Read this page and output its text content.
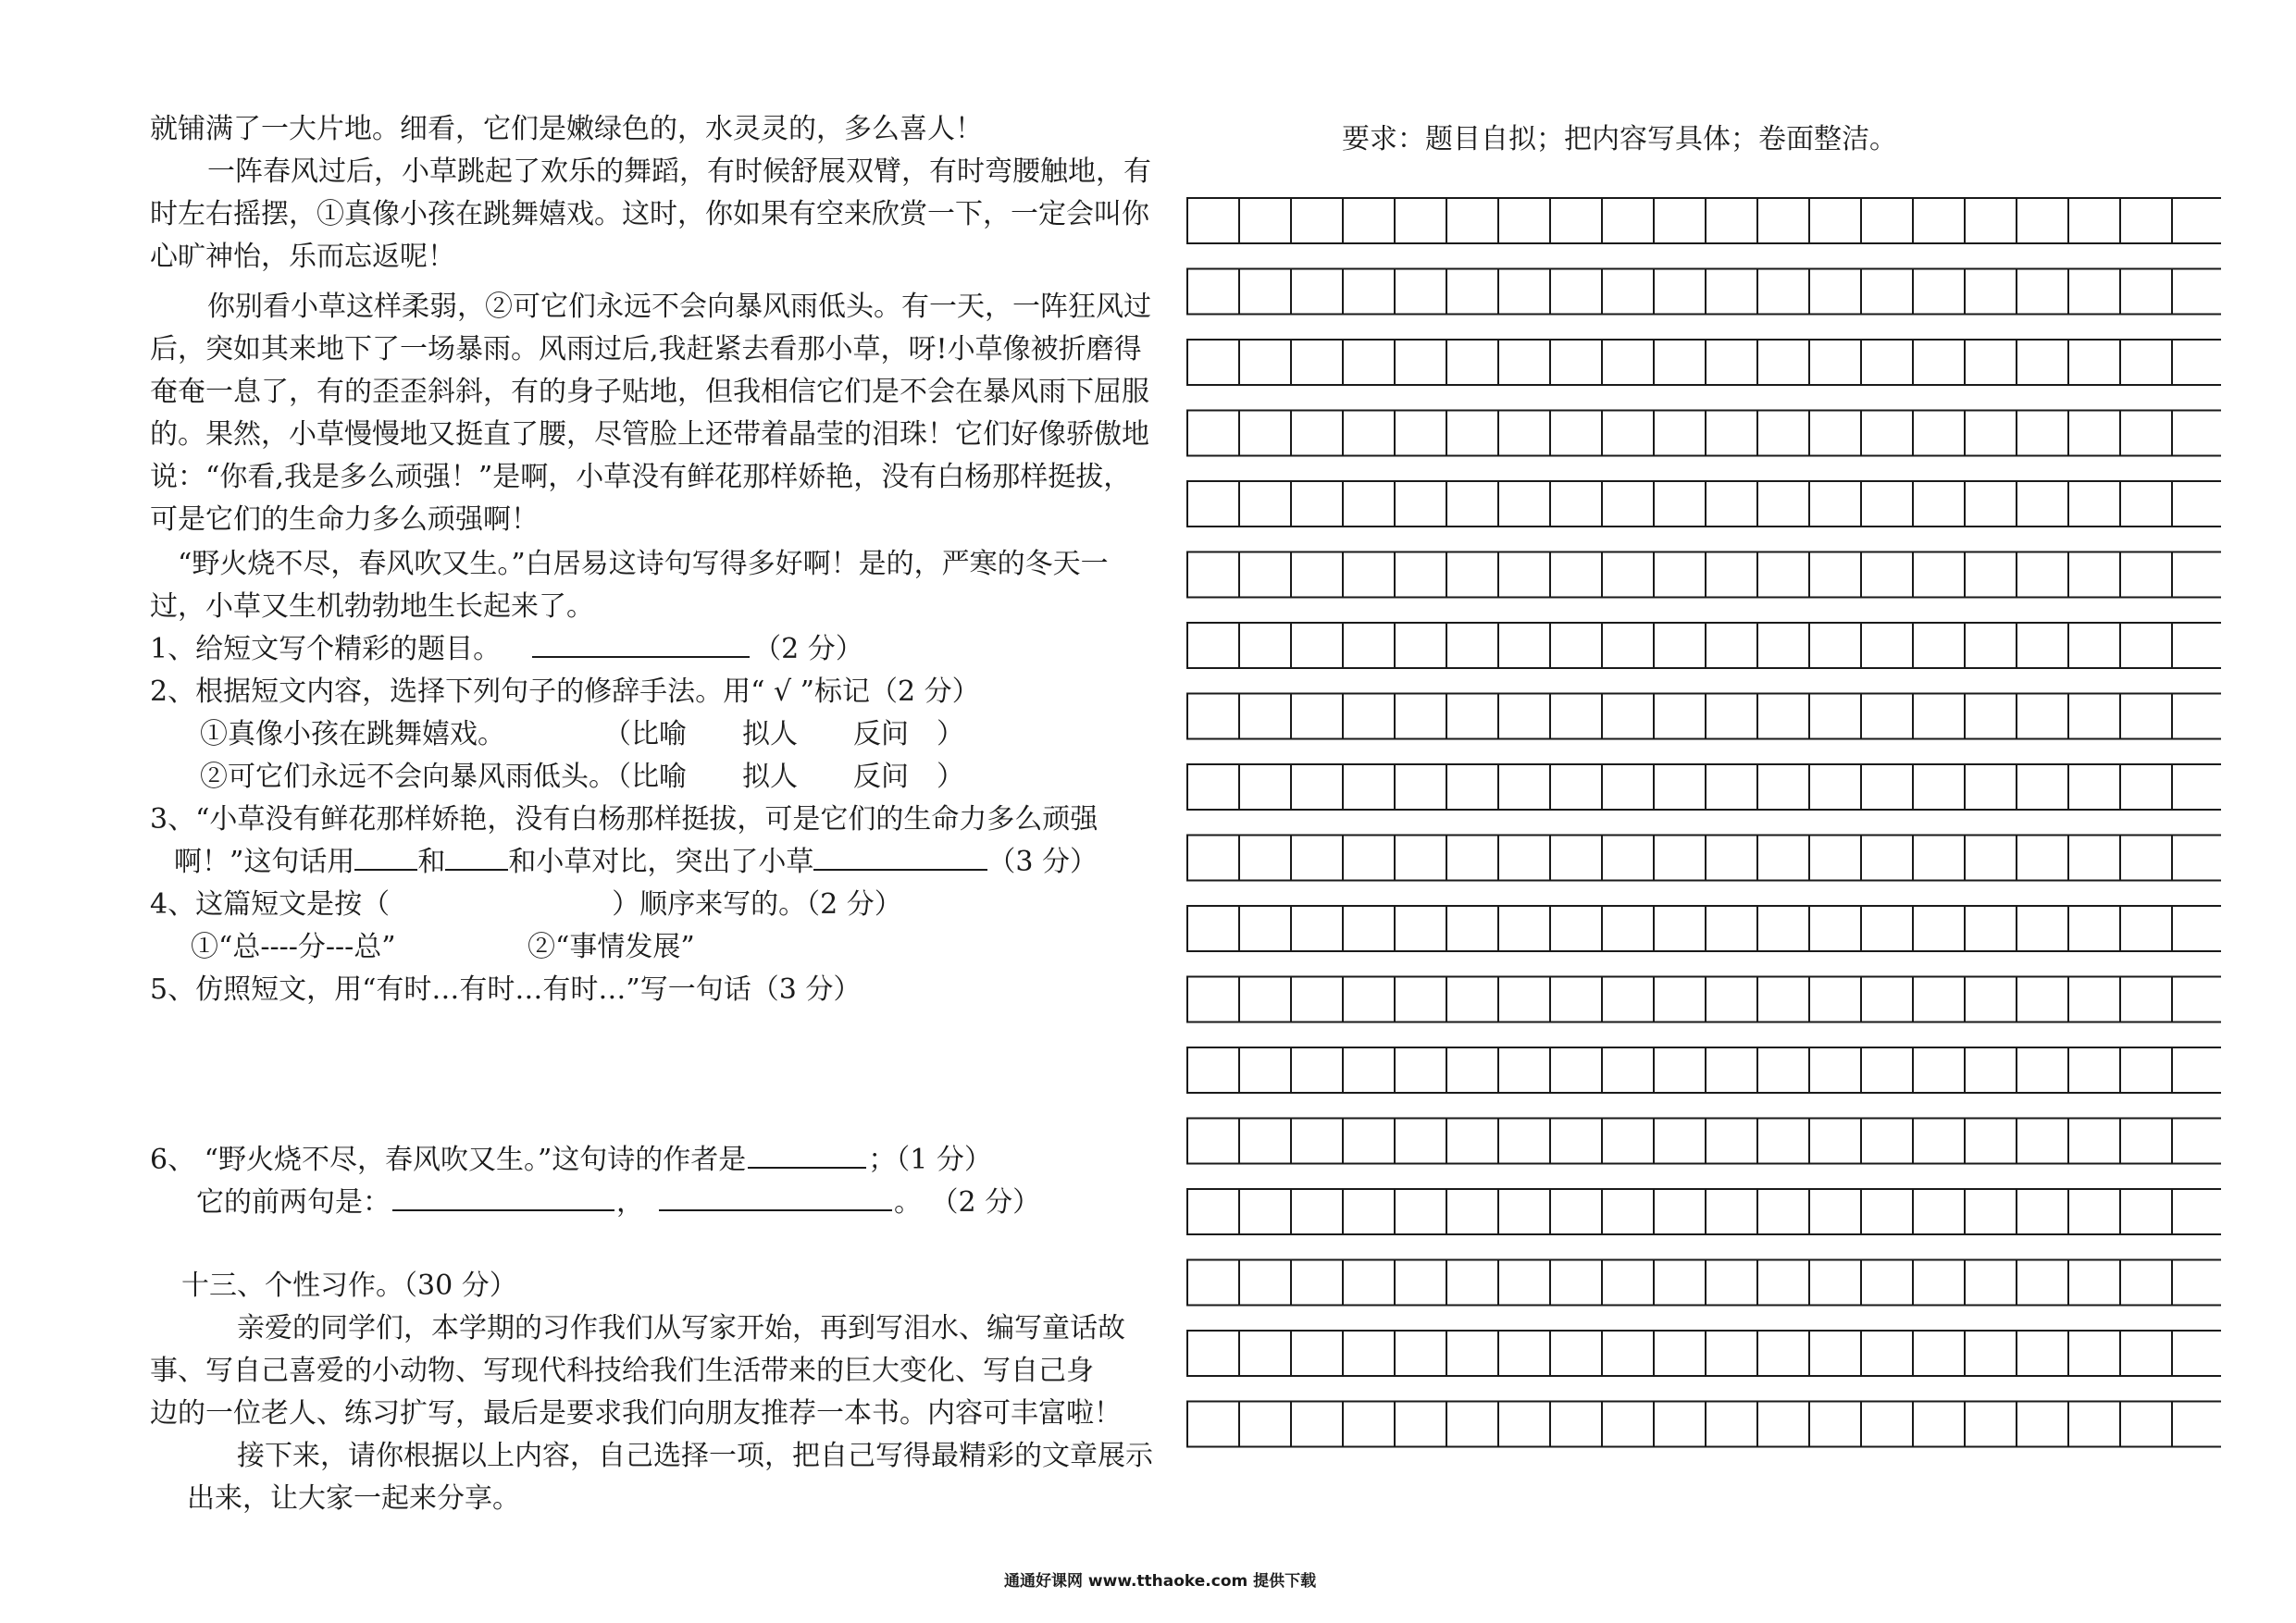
就铺满了一大片地。细看，它们是嫩绿色的，水灵灵的，多么喜人！
一阵春风过后，小草跳起了欢乐的舞蹈，有时候舒展双臂，有时弯腰触地，有
时左右摇摆，①真像小孩在跳舞嬉戏。这时，你如果有空来欣赏一下，一定会叫你
心旷神怡，乐而忘返呢！
你别看小草这样柔弱，②可它们永远不会向暴风雨低头。有一天，一阵狂风过
后，突如其来地下了一场暴雨。风雨过后,我赶紧去看那小草，呀!小草像被折磨得
奄奄一息了，有的歪歪斜斜，有的身子贴地，但我相信它们是不会在暴风雨下屈服
的。果然，小草慢慢地又挺直了腰，尽管脸上还带着晶莹的泪珠！它们好像骄傲地
说：“你看,我是多么顽强！”是啊，小草没有鲜花那样娇艳，没有白杨那样挺拔，
可是它们的生命力多么顽强啊！
“野火烧不尽，春风吹又生。”白居易这诗句写得多好啊！是的，严寒的冬天一
过，小草又生机勃勃地生长起来了。
1、给短文写个精彩的题目。	（2 分）
2、根据短文内容，选择下列句子的修辞手法。用“ √ ”标记（2 分）
①真像小孩在跳舞嬉戏。	（比喻　　拟人　　反问　）
②可它们永远不会向暴风雨低头。
（比喻　　拟人　　反问　）
3、“小草没有鲜花那样娇艳，没有白杨那样挺拔，可是它们的生命力多么顽强
啊！”这句话用 和 和小草对比，突出了小草	（3 分）
4、这篇短文是按（　　　　　　　　）顺序来写的。（2 分）
①“总----分---总”	②“事情发展”
5、仿照短文，用“有时…有时…有时…”写一句话（3 分）
6、 “野火烧不尽，春风吹又生。”这句诗的作者是	；（1 分）
它的前两句是：	，	。 （2 分）
十三、个性习作。（30 分）
亲爱的同学们，本学期的习作我们从写家开始，再到写泪水、编写童话故
事、写自己喜爱的小动物、写现代科技给我们生活带来的巨大变化、写自己身
边的一位老人、练习扩写，最后是要求我们向朋友推荐一本书。内容可丰富啦！
接下来，请你根据以上内容，自己选择一项，把自己写得最精彩的文章展示
出来，让大家一起来分享。
要求：题目自拟；把内容写具体；卷面整洁。
通通好课网 www.tthaoke.com 提供下载
